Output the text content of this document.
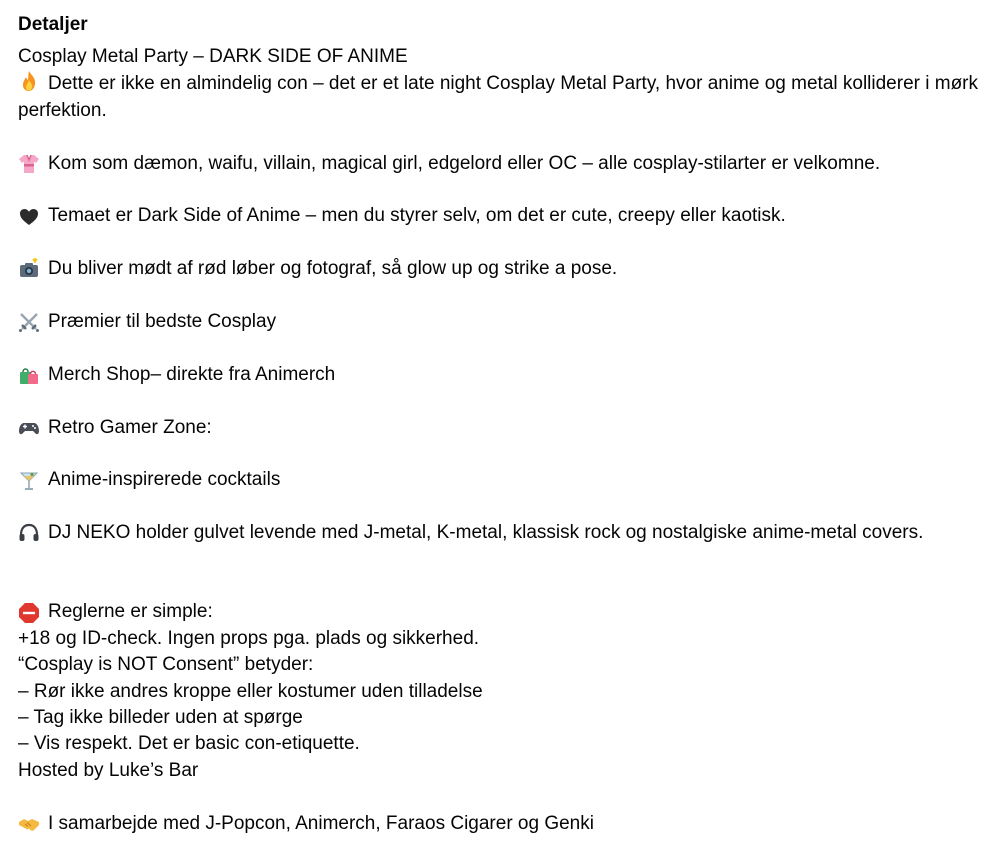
Detaljer
Cosplay Metal Party – DARK SIDE OF ANIME
Dette er ikke en almindelig con – det er et late night Cosplay Metal Party, hvor anime og metal kolliderer i mørk perfektion.
Kom som dæmon, waifu, villain, magical girl, edgelord eller OC – alle cosplay-stilarter er velkomne.
Temaet er Dark Side of Anime – men du styrer selv, om det er cute, creepy eller kaotisk.
Du bliver mødt af rød løber og fotograf, så glow up og strike a pose.
Præmier til bedste Cosplay
Merch Shop– direkte fra Animerch
Retro Gamer Zone:
Anime-inspirerede cocktails
DJ NEKO holder gulvet levende med J-metal, K-metal, klassisk rock og nostalgiske anime-metal covers.
Reglerne er simple:
+18 og ID-check. Ingen props pga. plads og sikkerhed.
“Cosplay is NOT Consent” betyder:
– Rør ikke andres kroppe eller kostumer uden tilladelse
– Tag ikke billeder uden at spørge
– Vis respekt. Det er basic con-etiquette.
Hosted by Luke’s Bar
I samarbejde med J-Popcon, Animerch, Faraos Cigarer og Genki
